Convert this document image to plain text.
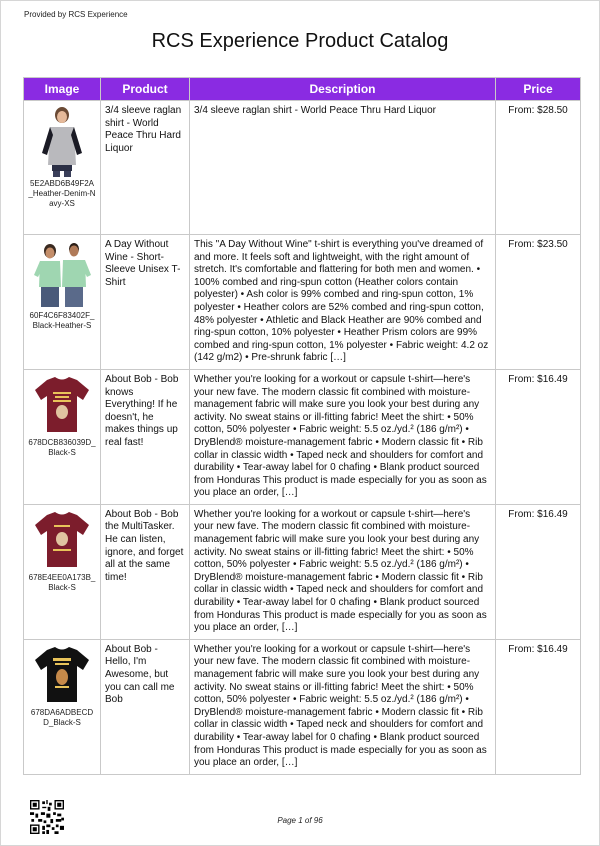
Provided by RCS Experience
RCS Experience Product Catalog
Image	Product	Description	Price

5E2ABD6B49F2A_Heather-Denim-Navy-XS	3/4 sleeve raglan shirt - World Peace Thru Hard Liquor	3/4 sleeve raglan shirt - World Peace Thru Hard Liquor	From: $28.50

60F4C6F83402F_Black-Heather-S	A Day Without Wine - Short-Sleeve Unisex T-Shirt	This "A Day Without Wine" t-shirt is everything you've dreamed of and more. It feels soft and lightweight, with the right amount of stretch. It's comfortable and flattering for both men and women. • 100% combed and ring-spun cotton (Heather colors contain polyester) • Ash color is 99% combed and ring-spun cotton, 1% polyester • Heather colors are 52% combed and ring-spun cotton, 48% polyester • Athletic and Black Heather are 90% combed and ring-spun cotton, 10% polyester • Heather Prism colors are 99% combed and ring-spun cotton, 1% polyester • Fabric weight: 4.2 oz (142 g/m2) • Pre-shrunk fabric […]	From: $23.50

678DCB836039D_Black-S	About Bob - Bob knows Everything! If he doesn't, he makes things up real fast!	Whether you're looking for a workout or capsule t-shirt—here's your new fave. The modern classic fit combined with moisture-management fabric will make sure you look your best during any activity. No sweat stains or ill-fitting fabric! Meet the shirt: • 50% cotton, 50% polyester • Fabric weight: 5.5 oz./yd.² (186 g/m²) • DryBlend® moisture-management fabric • Modern classic fit • Rib collar in classic width • Taped neck and shoulders for comfort and durability • Tear-away label for 0 chafing • Blank product sourced from Honduras This product is made especially for you as soon as you place an order, […]	From: $16.49

678E4EE0A173B_Black-S	About Bob - Bob the MultiTasker. He can listen, ignore, and forget all at the same time!	Whether you're looking for a workout or capsule t-shirt—here's your new fave. The modern classic fit combined with moisture-management fabric will make sure you look your best during any activity. No sweat stains or ill-fitting fabric! Meet the shirt: • 50% cotton, 50% polyester • Fabric weight: 5.5 oz./yd.² (186 g/m²) • DryBlend® moisture-management fabric • Modern classic fit • Rib collar in classic width • Taped neck and shoulders for comfort and durability • Tear-away label for 0 chafing • Blank product sourced from Honduras This product is made especially for you as soon as you place an order, […]	From: $16.49

678DA6ADBECDD_Black-S	About Bob - Hello, I'm Awesome, but you can call me Bob	Whether you're looking for a workout or capsule t-shirt—here's your new fave. The modern classic fit combined with moisture-management fabric will make sure you look your best during any activity. No sweat stains or ill-fitting fabric! Meet the shirt: • 50% cotton, 50% polyester • Fabric weight: 5.5 oz./yd.² (186 g/m²) • DryBlend® moisture-management fabric • Modern classic fit • Rib collar in classic width • Taped neck and shoulders for comfort and durability • Tear-away label for 0 chafing • Blank product sourced from Honduras This product is made especially for you as soon as you place an order, […]	From: $16.49
Page 1 of 96
